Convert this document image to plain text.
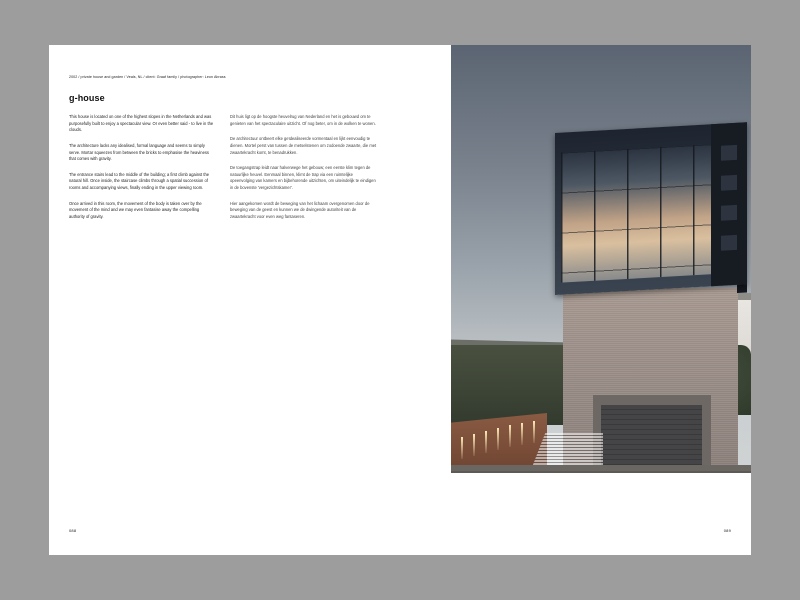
2002 / private house and garden / Veals, NL / client: Graaf family / photographer: Leon Abrass
g-house

This house is located on one of the highest slopes in the Netherlands and was purposefully built to enjoy a spectacular view. Or even better said - to live in the clouds.

The architecture lacks any idealised, formal language and seems to simply serve. Mortar squeezes from between the bricks to emphasise the heaviness that comes with gravity.

The entrance stairs lead to the middle of the building; a first climb against the natural hill. Once inside, the staircase climbs through a spatial succession of rooms and accompanying views, finally ending in the upper viewing room.

Once arrived in this room, the movement of the body is taken over by the movement of the mind and we may even fantasise away the compelling authority of gravity.

Dit huis ligt op de hoogste heuvelrug van Nederland en het is gebouwd om te genieten van het spectaculaire uitzicht. Of nog beter, om in de wolken te wonen.

De architectuur ontbeert elke geïdealiseerde vormentaal en lijkt eenvoudig te dienen. Mortel perst van tussen de metselstenen om zodoende zwaarte, die met zwaartekracht komt, te benadrukken.

De toegangstrap leidt naar halverwege het gebouw; een eerste klim tegen de natuurlijke heuvel. Eenmaal binnen, klimt de trap via een ruimtelijke opeenvolging van kamers en bijbehorende uitzichten, om uiteindelijk te eindigen in de bovenste 'vergezichtskamer'.

Hier aangekomen wordt de beweging van het lichaam overgenomen door de beweging van de geest en kunnen we de dwingende autoriteit van de zwaartekracht voor even weg fantaseren.

088	089
